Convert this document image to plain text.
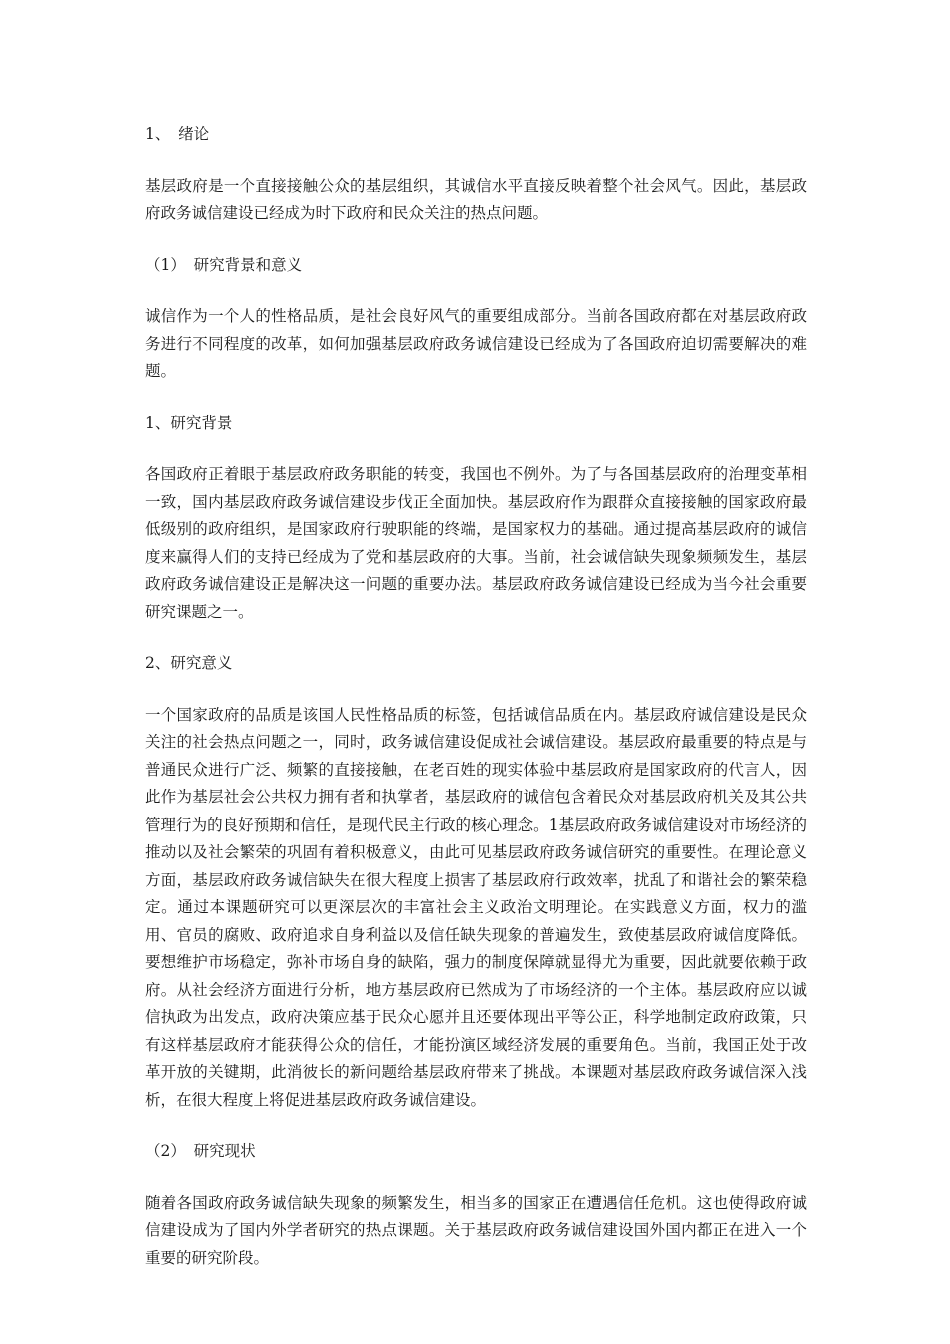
1、　绪论

基层政府是一个直接接触公众的基层组织，其诚信水平直接反映着整个社会风气。因此，基层政府政务诚信建设已经成为时下政府和民众关注的热点问题。

（1）　研究背景和意义

诚信作为一个人的性格品质，是社会良好风气的重要组成部分。当前各国政府都在对基层政府政务进行不同程度的改革，如何加强基层政府政务诚信建设已经成为了各国政府迫切需要解决的难题。

1、研究背景

各国政府正着眼于基层政府政务职能的转变，我国也不例外。为了与各国基层政府的治理变革相一致，国内基层政府政务诚信建设步伐正全面加快。基层政府作为跟群众直接接触的国家政府最低级别的政府组织，是国家政府行驶职能的终端，是国家权力的基础。通过提高基层政府的诚信度来赢得人们的支持已经成为了党和基层政府的大事。当前，社会诚信缺失现象频频发生，基层政府政务诚信建设正是解决这一问题的重要办法。基层政府政务诚信建设已经成为当今社会重要研究课题之一。

2、研究意义

一个国家政府的品质是该国人民性格品质的标签，包括诚信品质在内。基层政府诚信建设是民众关注的社会热点问题之一，同时，政务诚信建设促成社会诚信建设。基层政府最重要的特点是与普通民众进行广泛、频繁的直接接触，在老百姓的现实体验中基层政府是国家政府的代言人，因此作为基层社会公共权力拥有者和执掌者，基层政府的诚信包含着民众对基层政府机关及其公共管理行为的良好预期和信任，是现代民主行政的核心理念。1基层政府政务诚信建设对市场经济的推动以及社会繁荣的巩固有着积极意义，由此可见基层政府政务诚信研究的重要性。在理论意义方面，基层政府政务诚信缺失在很大程度上损害了基层政府行政效率，扰乱了和谐社会的繁荣稳定。通过本课题研究可以更深层次的丰富社会主义政治文明理论。在实践意义方面，权力的滥用、官员的腐败、政府追求自身利益以及信任缺失现象的普遍发生，致使基层政府诚信度降低。要想维护市场稳定，弥补市场自身的缺陷，强力的制度保障就显得尤为重要，因此就要依赖于政府。从社会经济方面进行分析，地方基层政府已然成为了市场经济的一个主体。基层政府应以诚信执政为出发点，政府决策应基于民众心愿并且还要体现出平等公正，科学地制定政府政策，只有这样基层政府才能获得公众的信任，才能扮演区域经济发展的重要角色。当前，我国正处于改革开放的关键期，此消彼长的新问题给基层政府带来了挑战。本课题对基层政府政务诚信深入浅析，在很大程度上将促进基层政府政务诚信建设。

（2）　研究现状

随着各国政府政务诚信缺失现象的频繁发生，相当多的国家正在遭遇信任危机。这也使得政府诚信建设成为了国内外学者研究的热点课题。关于基层政府政务诚信建设国外国内都正在进入一个重要的研究阶段。
